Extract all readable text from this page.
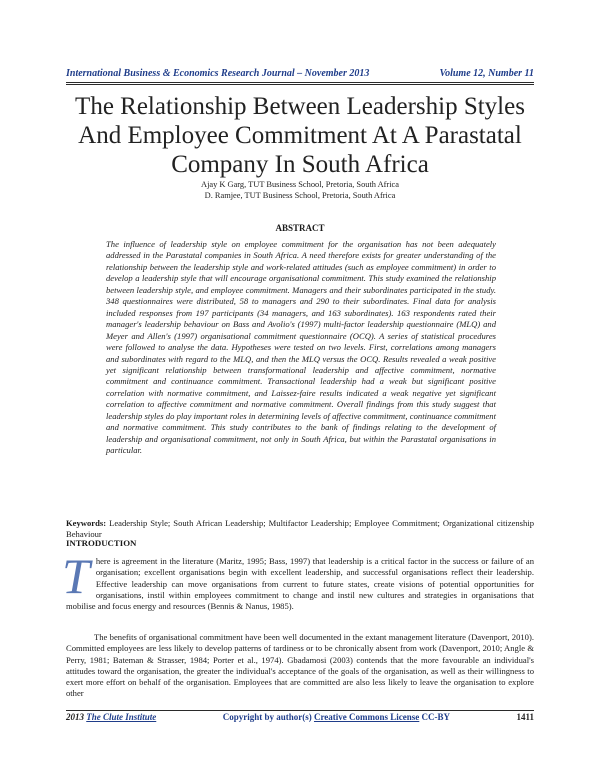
International Business & Economics Research Journal – November 2013	Volume 12, Number 11
The Relationship Between Leadership Styles
And Employee Commitment At A Parastatal
Company In South Africa
Ajay K Garg, TUT Business School, Pretoria, South Africa
D. Ramjee, TUT Business School, Pretoria, South Africa
ABSTRACT
The influence of leadership style on employee commitment for the organisation has not been adequately addressed in the Parastatal companies in South Africa. A need therefore exists for greater understanding of the relationship between the leadership style and work-related attitudes (such as employee commitment) in order to develop a leadership style that will encourage organisational commitment. This study examined the relationship between leadership style, and employee commitment. Managers and their subordinates participated in the study. 348 questionnaires were distributed, 58 to managers and 290 to their subordinates. Final data for analysis included responses from 197 participants (34 managers, and 163 subordinates). 163 respondents rated their manager's leadership behaviour on Bass and Avolio's (1997) multi-factor leadership questionnaire (MLQ) and Meyer and Allen's (1997) organisational commitment questionnaire (OCQ). A series of statistical procedures were followed to analyse the data. Hypotheses were tested on two levels. First, correlations among managers and subordinates with regard to the MLQ, and then the MLQ versus the OCQ. Results revealed a weak positive yet significant relationship between transformational leadership and affective commitment, normative commitment and continuance commitment. Transactional leadership had a weak but significant positive correlation with normative commitment, and Laissez-faire results indicated a weak negative yet significant correlation to affective commitment and normative commitment. Overall findings from this study suggest that leadership styles do play important roles in determining levels of affective commitment, continuance commitment and normative commitment. This study contributes to the bank of findings relating to the development of leadership and organisational commitment, not only in South Africa, but within the Parastatal organisations in particular.
Keywords: Leadership Style; South African Leadership; Multifactor Leadership; Employee Commitment; Organizational citizenship Behaviour
INTRODUCTION
T here is agreement in the literature (Maritz, 1995; Bass, 1997) that leadership is a critical factor in the success or failure of an organisation; excellent organisations begin with excellent leadership, and successful organisations reflect their leadership. Effective leadership can move organisations from current to future states, create visions of potential opportunities for organisations, instil within employees commitment to change and instil new cultures and strategies in organisations that mobilise and focus energy and resources (Bennis & Nanus, 1985).
The benefits of organisational commitment have been well documented in the extant management literature (Davenport, 2010). Committed employees are less likely to develop patterns of tardiness or to be chronically absent from work (Davenport, 2010; Angle & Perry, 1981; Bateman & Strasser, 1984; Porter et al., 1974). Gbadamosi (2003) contends that the more favourable an individual's attitudes toward the organisation, the greater the individual's acceptance of the goals of the organisation, as well as their willingness to exert more effort on behalf of the organisation. Employees that are committed are also less likely to leave the organisation to explore other
2013 The Clute Institute	Copyright by author(s) Creative Commons License CC-BY	1411
